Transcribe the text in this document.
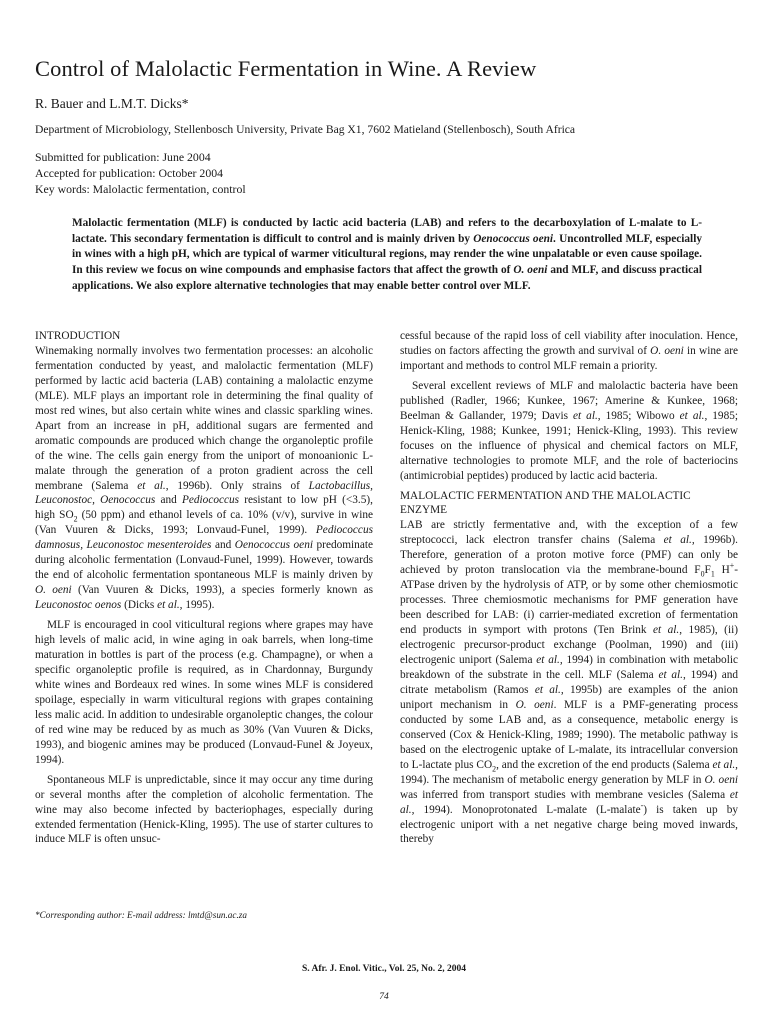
Control of Malolactic Fermentation in Wine. A Review
R. Bauer and L.M.T. Dicks*
Department of Microbiology, Stellenbosch University, Private Bag X1, 7602 Matieland (Stellenbosch), South Africa
Submitted for publication: June 2004
Accepted for publication: October 2004
Key words: Malolactic fermentation, control
Malolactic fermentation (MLF) is conducted by lactic acid bacteria (LAB) and refers to the decarboxylation of L-malate to L-lactate. This secondary fermentation is difficult to control and is mainly driven by Oenococcus oeni. Uncontrolled MLF, especially in wines with a high pH, which are typical of warmer viticultural regions, may render the wine unpalatable or even cause spoilage. In this review we focus on wine compounds and emphasise factors that affect the growth of O. oeni and MLF, and discuss practical applications. We also explore alternative technologies that may enable better control over MLF.
INTRODUCTION

Winemaking normally involves two fermentation processes: an alcoholic fermentation conducted by yeast, and malolactic fermentation (MLF) performed by lactic acid bacteria (LAB) containing a malolactic enzyme (MLE). MLF plays an important role in determining the final quality of most red wines, but also certain white wines and classic sparkling wines. Apart from an increase in pH, additional sugars are fermented and aromatic compounds are produced which change the organoleptic profile of the wine. The cells gain energy from the uniport of monoanionic L-malate through the generation of a proton gradient across the cell membrane (Salema et al., 1996b). Only strains of Lactobacillus, Leuconostoc, Oenococcus and Pediococcus resistant to low pH (<3.5), high $SO_2$ (50 ppm) and ethanol levels of ca. 10% (v/v), survive in wine (Van Vuuren & Dicks, 1993; Lonvaud-Funel, 1999). Pediococcus damnosus, Leuconostoc mesenteroides and Oenococcus oeni predominate during alcoholic fermentation (Lonvaud-Funel, 1999). However, towards the end of alcoholic fermentation spontaneous MLF is mainly driven by O. oeni (Van Vuuren & Dicks, 1993), a species formerly known as Leuconostoc oenos (Dicks et al., 1995).

MLF is encouraged in cool viticultural regions where grapes may have high levels of malic acid, in wine aging in oak barrels, when long-time maturation in bottles is part of the process (e.g. Champagne), or when a specific organoleptic profile is required, as in Chardonnay, Burgundy white wines and Bordeaux red wines. In some wines MLF is considered spoilage, especially in warm viticultural regions with grapes containing less malic acid. In addition to undesirable organoleptic changes, the colour of red wine may be reduced by as much as 30% (Van Vuuren & Dicks, 1993), and biogenic amines may be produced (Lonvaud-Funel & Joyeux, 1994).

Spontaneous MLF is unpredictable, since it may occur any time during or several months after the completion of alcoholic fermentation. The wine may also become infected by bacteriophages, especially during extended fermentation (Henick-Kling, 1995). The use of starter cultures to induce MLF is often unsuc-

cessful because of the rapid loss of cell viability after inoculation. Hence, studies on factors affecting the growth and survival of O. oeni in wine are important and methods to control MLF remain a priority.

Several excellent reviews of MLF and malolactic bacteria have been published (Radler, 1966; Kunkee, 1967; Amerine & Kunkee, 1968; Beelman & Gallander, 1979; Davis et al., 1985; Wibowo et al., 1985; Henick-Kling, 1988; Kunkee, 1991; Henick-Kling, 1993). This review focuses on the influence of physical and chemical factors on MLF, alternative technologies to promote MLF, and the role of bacteriocins (antimicrobial peptides) produced by lactic acid bacteria.

MALOLACTIC FERMENTATION AND THE MALOLACTIC ENZYME

LAB are strictly fermentative and, with the exception of a few streptococci, lack electron transfer chains (Salema et al., 1996b). Therefore, generation of a proton motive force (PMF) can only be achieved by proton translocation via the membrane-bound $F_0F_1$ H+-ATPase driven by the hydrolysis of ATP, or by some other chemiosmotic processes. Three chemiosmotic mechanisms for PMF generation have been described for LAB: (i) carrier-mediated excretion of fermentation end products in symport with protons (Ten Brink et al., 1985), (ii) electrogenic precursor-product exchange (Poolman, 1990) and (iii) electrogenic uniport (Salema et al., 1994) in combination with metabolic breakdown of the substrate in the cell. MLF (Salema et al., 1994) and citrate metabolism (Ramos et al., 1995b) are examples of the anion uniport mechanism in O. oeni. MLF is a PMF-generating process conducted by some LAB and, as a consequence, metabolic energy is conserved (Cox & Henick-Kling, 1989; 1990). The metabolic pathway is based on the electrogenic uptake of L-malate, its intracellular conversion to L-lactate plus $CO_2$, and the excretion of the end products (Salema et al., 1994). The mechanism of metabolic energy generation by MLF in O. oeni was inferred from transport studies with membrane vesicles (Salema et al., 1994). Monoprotonated L-malate (L-malate-) is taken up by electrogenic uniport with a net negative charge being moved inwards, thereby

*Corresponding author: E-mail address: lmtd@sun.ac.za
S. Afr. J. Enol. Vitic., Vol. 25, No. 2, 2004
74
